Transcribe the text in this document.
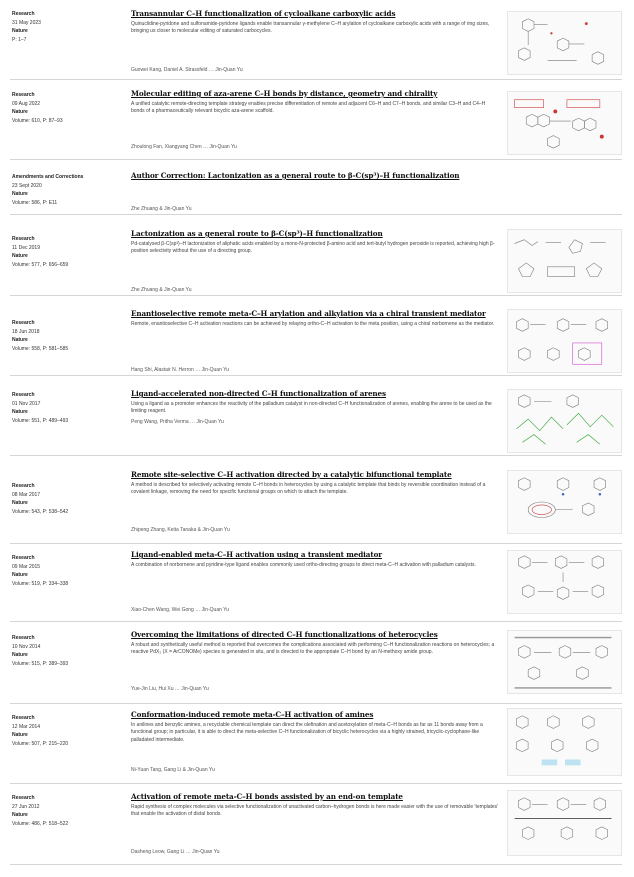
Research
31 May 2023
Nature
P: 1–7
Transannular C–H functionalization of cycloalkane carboxylic acids
Quinuclidine-pyridone and sulfonamide-pyridone ligands enable transannular γ-methylene C–H arylation of cycloalkane carboxylic acids with a range of ring sizes, bringing us closer to molecular editing of saturated carbocycles.
Guowei Kang, Daniel A. Strassfeld … Jin-Quan Yu
Research
09 Aug 2022
Nature
Volume: 610, P: 87–93
Molecular editing of aza-arene C–H bonds by distance, geometry and chirality
A unified catalytic remote-directing template strategy enables precise differentiation of remote and adjacent C6–H and C7–H bonds, and similar C3–H and C4–H bonds of a pharmaceutically relevant bicyclic aza-arene scaffold.
Zhoulong Fan, Xiangyang Chen … Jin-Quan Yu
Amendments and Corrections
23 Sept 2020
Nature
Volume: 586, P: E11
Author Correction: Lactonization as a general route to β-C(sp³)–H functionalization
Zhe Zhuang & Jin-Quan Yu
Research
11 Dec 2019
Nature
Volume: 577, P: 656–659
Lactonization as a general route to β-C(sp³)–H functionalization
Pd-catalysed β-C(sp³)–H lactonization of aliphatic acids enabled by a mono-N-protected β-amino acid and tert-butyl hydrogen peroxide is reported, achieving high β-position selectivity without the use of a directing group.
Zhe Zhuang & Jin-Quan Yu
Research
18 Jun 2018
Nature
Volume: 558, P: 581–585
Enantioselective remote meta-C–H arylation and alkylation via a chiral transient mediator
Remote, enantioselective C–H activation reactions can be achieved by relaying ortho-C–H activation to the meta position, using a chiral norbornene as the mediator.
Hang Shi, Alastair N. Herron … Jin-Quan Yu
Research
01 Nov 2017
Nature
Volume: 551, P: 489–493
Ligand-accelerated non-directed C–H functionalization of arenes
Using a ligand as a promoter enhances the reactivity of the palladium catalyst in non-directed C–H functionalization of arenes, enabling the arene to be used as the limiting reagent.
Peng Wang, Pritha Verma … Jin-Quan Yu
Research
08 Mar 2017
Nature
Volume: 543, P: 538–542
Remote site-selective C–H activation directed by a catalytic bifunctional template
A method is described for selectively activating remote C–H bonds in heterocycles by using a catalytic template that binds by reversible coordination instead of a covalent linkage, removing the need for specific functional groups on which to attach the template.
Zhipeng Zhang, Keita Tanaka & Jin-Quan Yu
Research
09 Mar 2015
Nature
Volume: 519, P: 334–338
Ligand-enabled meta-C–H activation using a transient mediator
A combination of norbornene and pyridine-type ligand enables commonly used ortho-directing groups to direct meta-C–H activation with palladium catalysts.
Xiao-Chen Wang, Wei Gong … Jin-Quan Yu
Research
10 Nov 2014
Nature
Volume: 515, P: 389–393
Overcoming the limitations of directed C–H functionalizations of heterocycles
A robust and synthetically useful method is reported that overcomes the complications associated with performing C–H functionalization reactions on heterocycles; a reactive PdX₂ (X = ArCONOMe) species is generated in situ, and is directed to the appropriate C–H bond by an N-methoxy amide group.
Yue-Jin Liu, Hui Xu … Jin-Quan Yu
Research
12 Mar 2014
Nature
Volume: 507, P: 215–220
Conformation-induced remote meta-C–H activation of amines
In anilines and benzylic amines, a recyclable chemical template can direct the olefination and acetoxylation of meta-C–H bonds as far as 11 bonds away from a functional group; in particular, it is able to direct the meta-selective C–H functionalization of bicyclic heterocycles via a highly strained, tricyclic-cyclophane-like palladated intermediate.
Ni-Yuan Tang, Gang Li & Jin-Quan Yu
Research
27 Jun 2012
Nature
Volume: 486, P: 518–522
Activation of remote meta-C–H bonds assisted by an end-on template
Rapid synthesis of complex molecules via selective functionalization of unactivated carbon–hydrogen bonds is here made easier with the use of removable 'templates' that enable the activation of distal bonds.
Dasheng Leow, Gang Li … Jin-Quan Yu
